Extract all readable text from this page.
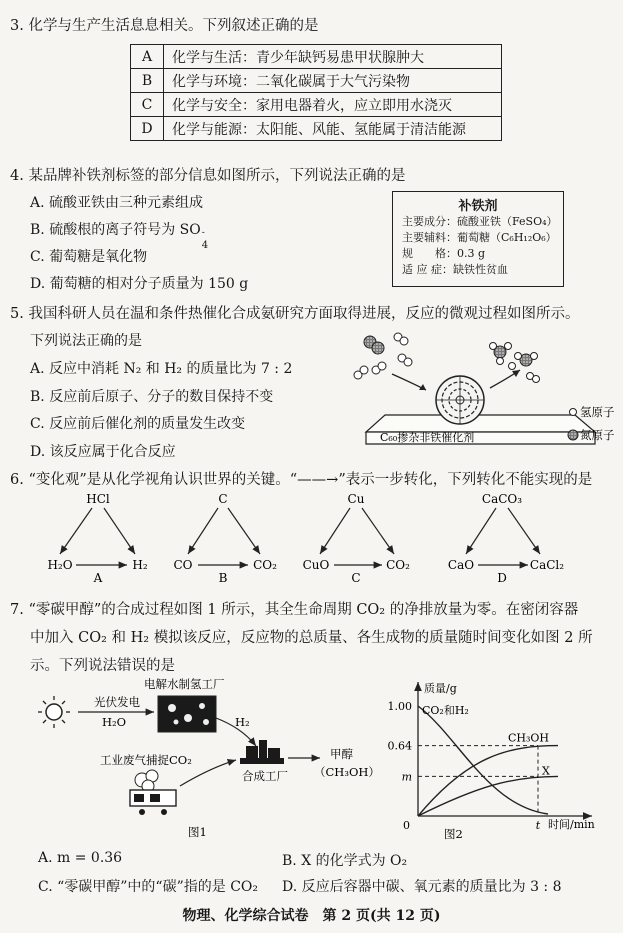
3. 化学与生产生活息息相关。下列叙述正确的是
A	化学与生活：青少年缺钙易患甲状腺肿大
B	化学与环境：二氧化碳属于大气污染物
C	化学与安全：家用电器着火，应立即用水浇灭
D	化学与能源：太阳能、风能、氢能属于清洁能源
4. 某品牌补铁剂标签的部分信息如图所示，下列说法正确的是
A. 硫酸亚铁由三种元素组成
B. 硫酸根的离子符号为 SO -
4
C. 葡萄糖是氧化物
D. 葡萄糖的相对分子质量为 150 g
补铁剂
主要成分：硫酸亚铁（FeSO₄）
主要辅料：葡萄糖（C₆H₁₂O₆）
规　　格：0.3 g
适 应 症：缺铁性贫血
5. 我国科研人员在温和条件热催化合成氨研究方面取得进展，反应的微观过程如图所示。
下列说法正确的是
A. 反应中消耗 N₂ 和 H₂ 的质量比为 7 : 2
B. 反应前后原子、分子的数目保持不变
C. 反应前后催化剂的质量发生改变
D. 该反应属于化合反应
C₆₀掺杂非铁催化剂
氢原子
氮原子
6. “变化观”是从化学视角认识世界的关键。“——→”表示一步转化，下列转化不能实现的是
HCl
H₂O	H₂
A
C
CO	CO₂
B
Cu
CuO	CO₂
C
CaCO₃
CaO	CaCl₂
D
7. “零碳甲醇”的合成过程如图 1 所示，其全生命周期 CO₂ 的净排放量为零。在密闭容器
中加入 CO₂ 和 H₂ 模拟该反应，反应物的总质量、各生成物的质量随时间变化如图 2 所
示。下列说法错误的是
光伏发电
H₂O
电解水制氢工厂
H₂
合成工厂
甲醇
（CH₃OH）
工业废气捕捉CO₂
图1
质量/g
时间/min
0	t
1.00
0.64
m
CO₂和H₂
CH₃OH
X
图2
A. m = 0.36	B. X 的化学式为 O₂
C. “零碳甲醇”中的“碳”指的是 CO₂ D. 反应后容器中碳、氧元素的质量比为 3 : 8
物理、化学综合试卷　第 2 页(共 12 页)
